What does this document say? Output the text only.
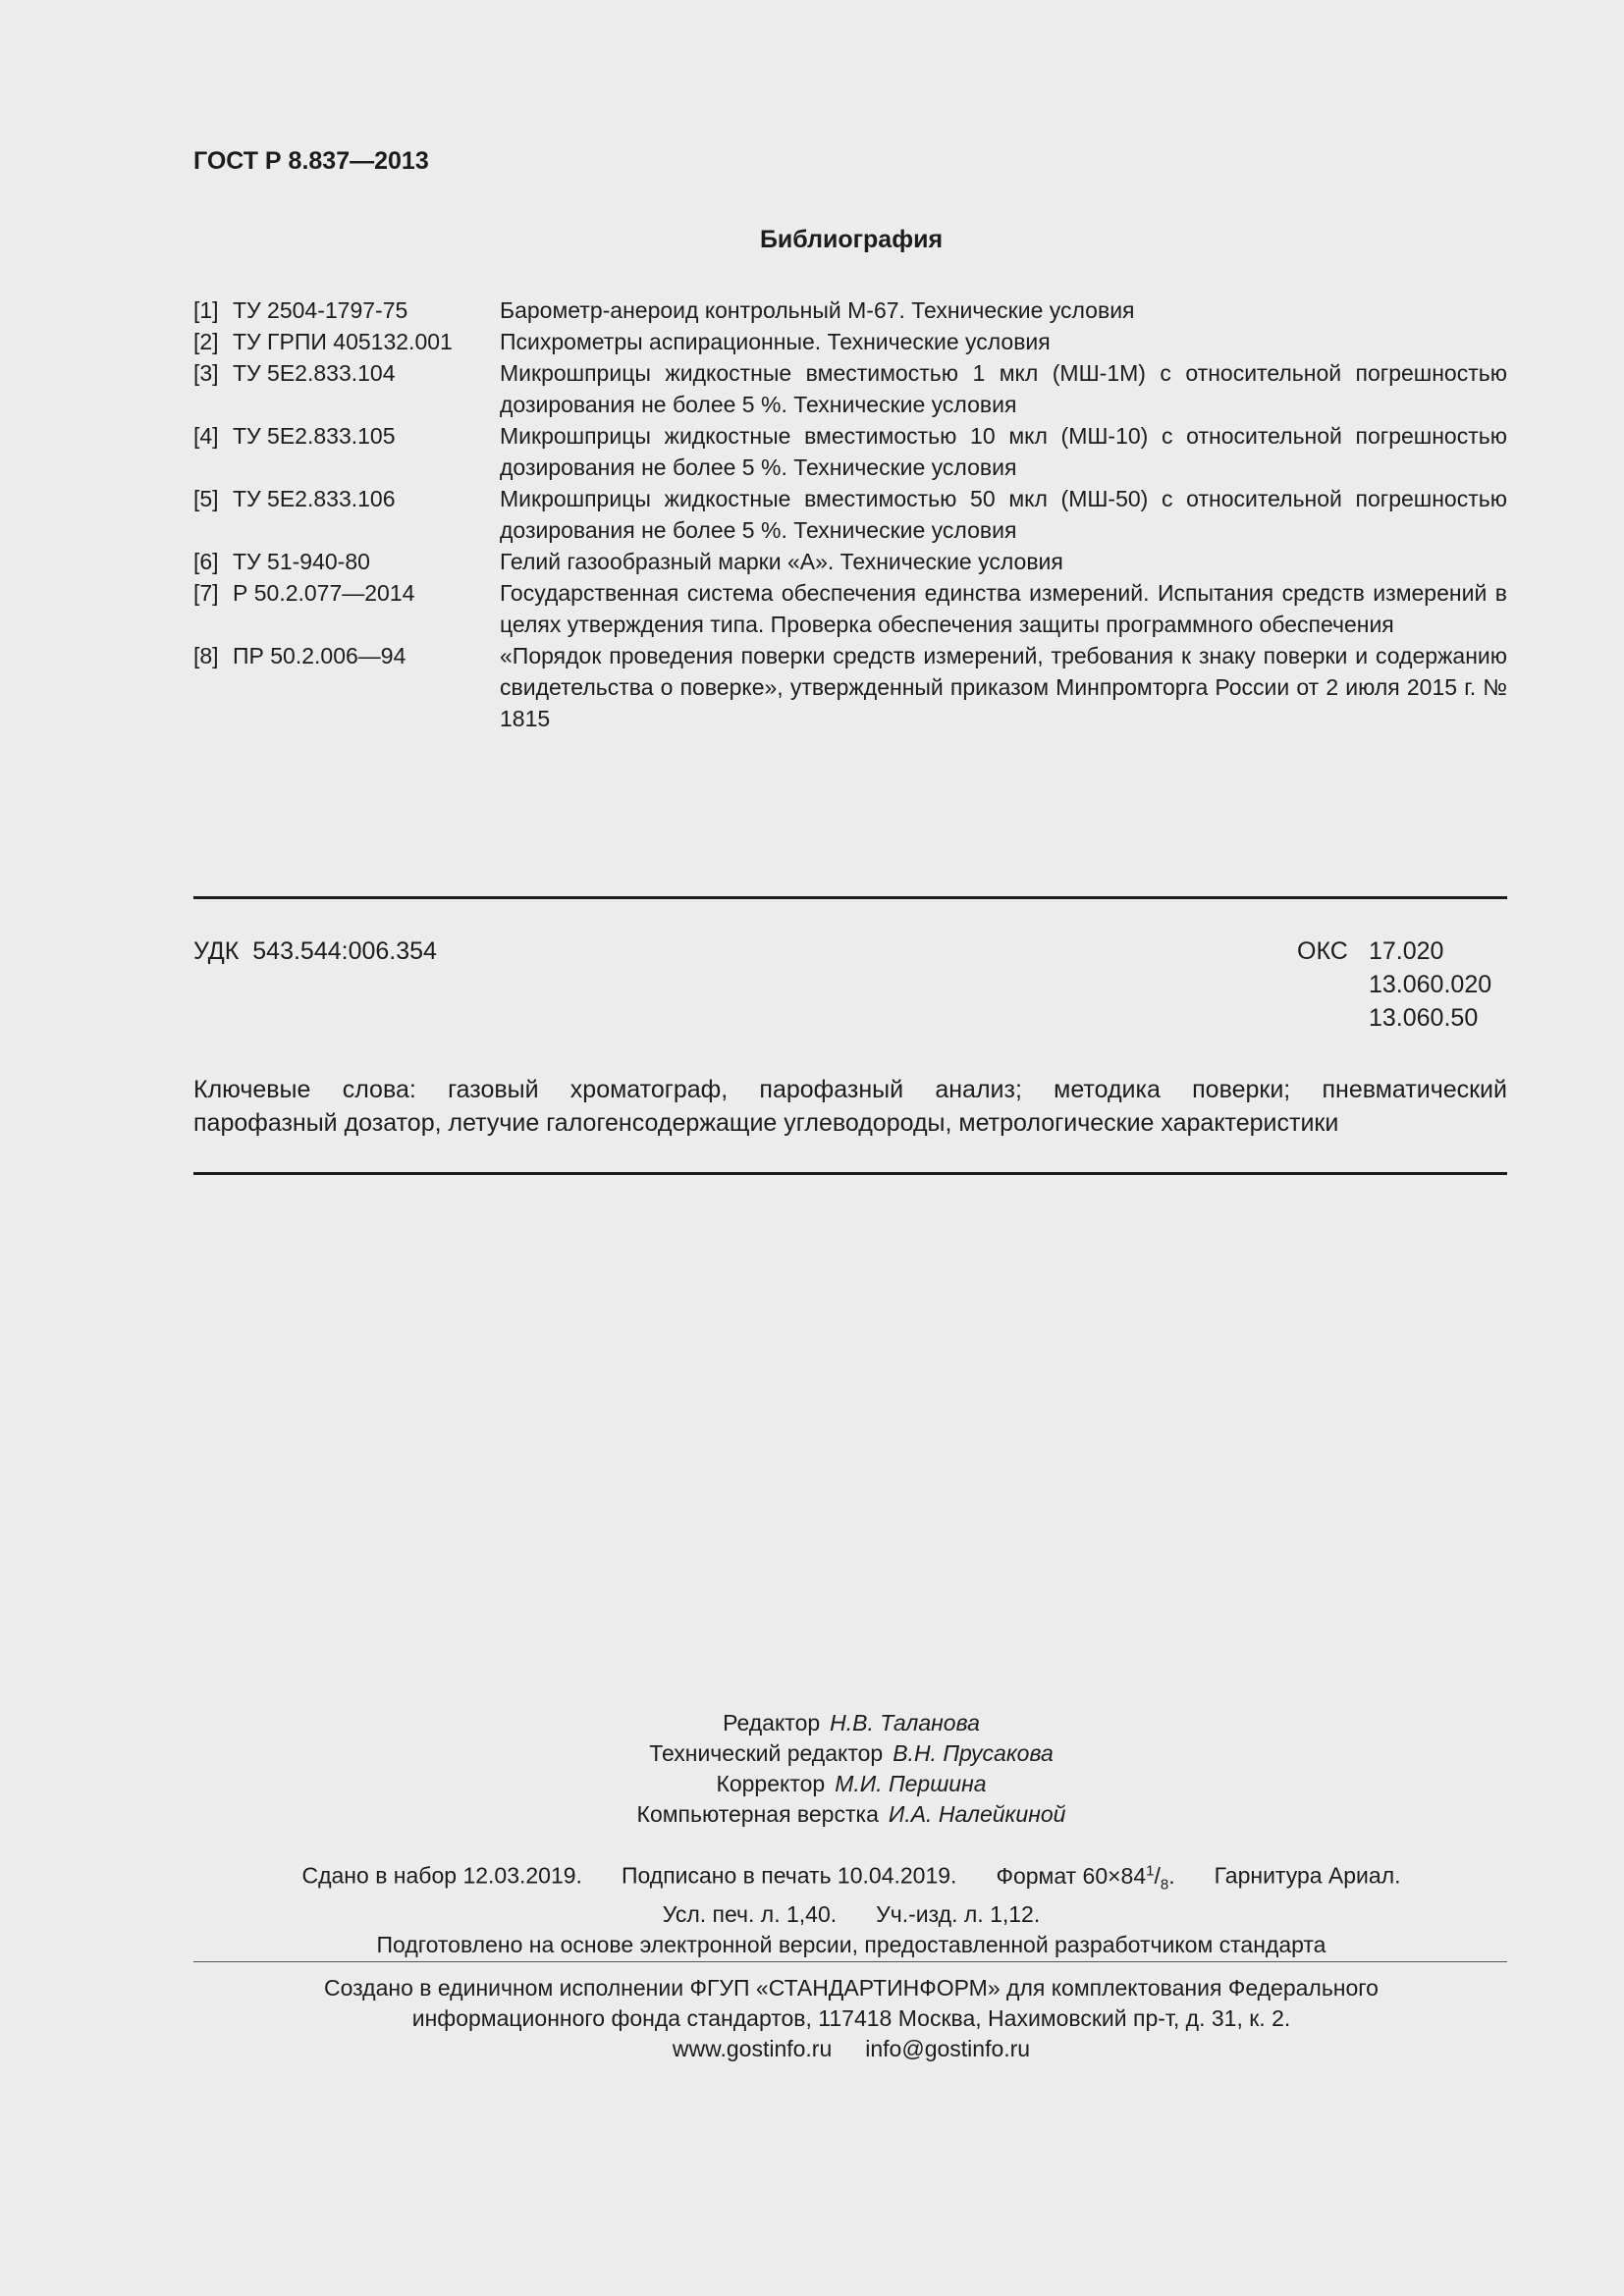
ГОСТ Р 8.837—2013
Библиография
[1] ТУ 2504-1797-75	Барометр-анероид контрольный М-67. Технические условия
[2] ТУ ГРПИ 405132.001	Психрометры аспирационные. Технические условия
[3] ТУ 5Е2.833.104	Микрошприцы жидкостные вместимостью 1 мкл (МШ-1М) с относительной погрешностью дозирования не более 5 %. Технические условия
[4] ТУ 5Е2.833.105	Микрошприцы жидкостные вместимостью 10 мкл (МШ-10) с относительной погрешностью дозирования не более 5 %. Технические условия
[5] ТУ 5Е2.833.106	Микрошприцы жидкостные вместимостью 50 мкл (МШ-50) с относительной погрешностью дозирования не более 5 %. Технические условия
[6] ТУ 51-940-80	Гелий газообразный марки «А». Технические условия
[7] Р 50.2.077—2014	Государственная система обеспечения единства измерений. Испытания средств измерений в целях утверждения типа. Проверка обеспечения защиты программного обеспечения
[8] ПР 50.2.006—94	«Порядок проведения поверки средств измерений, требования к знаку поверки и содержанию свидетельства о поверке», утвержденный приказом Минпромторга России от 2 июля 2015 г. № 1815
УДК 543.544:006.354	ОКС 17.020
13.060.020
13.060.50
Ключевые слова: газовый хроматограф, парофазный анализ; методика поверки; пневматический
парофазный дозатор, летучие галогенсодержащие углеводороды, метрологические характеристики
Редактор Н.В. Таланова
Технический редактор В.Н. Прусакова
Корректор М.И. Першина
Компьютерная верстка И.А. Налейкиной
Сдано в набор 12.03.2019. Подписано в печать 10.04.2019. Формат $60\times 84^1/_8$. Гарнитура Ариал.
Усл. печ. л. 1,40. Уч.-изд. л. 1,12.
Подготовлено на основе электронной версии, предоставленной разработчиком стандарта
Создано в единичном исполнении ФГУП «СТАНДАРТИНФОРМ» для комплектования Федерального
информационного фонда стандартов, 117418 Москва, Нахимовский пр-т, д. 31, к. 2.
www.gostinfo.ru info@gostinfo.ru
